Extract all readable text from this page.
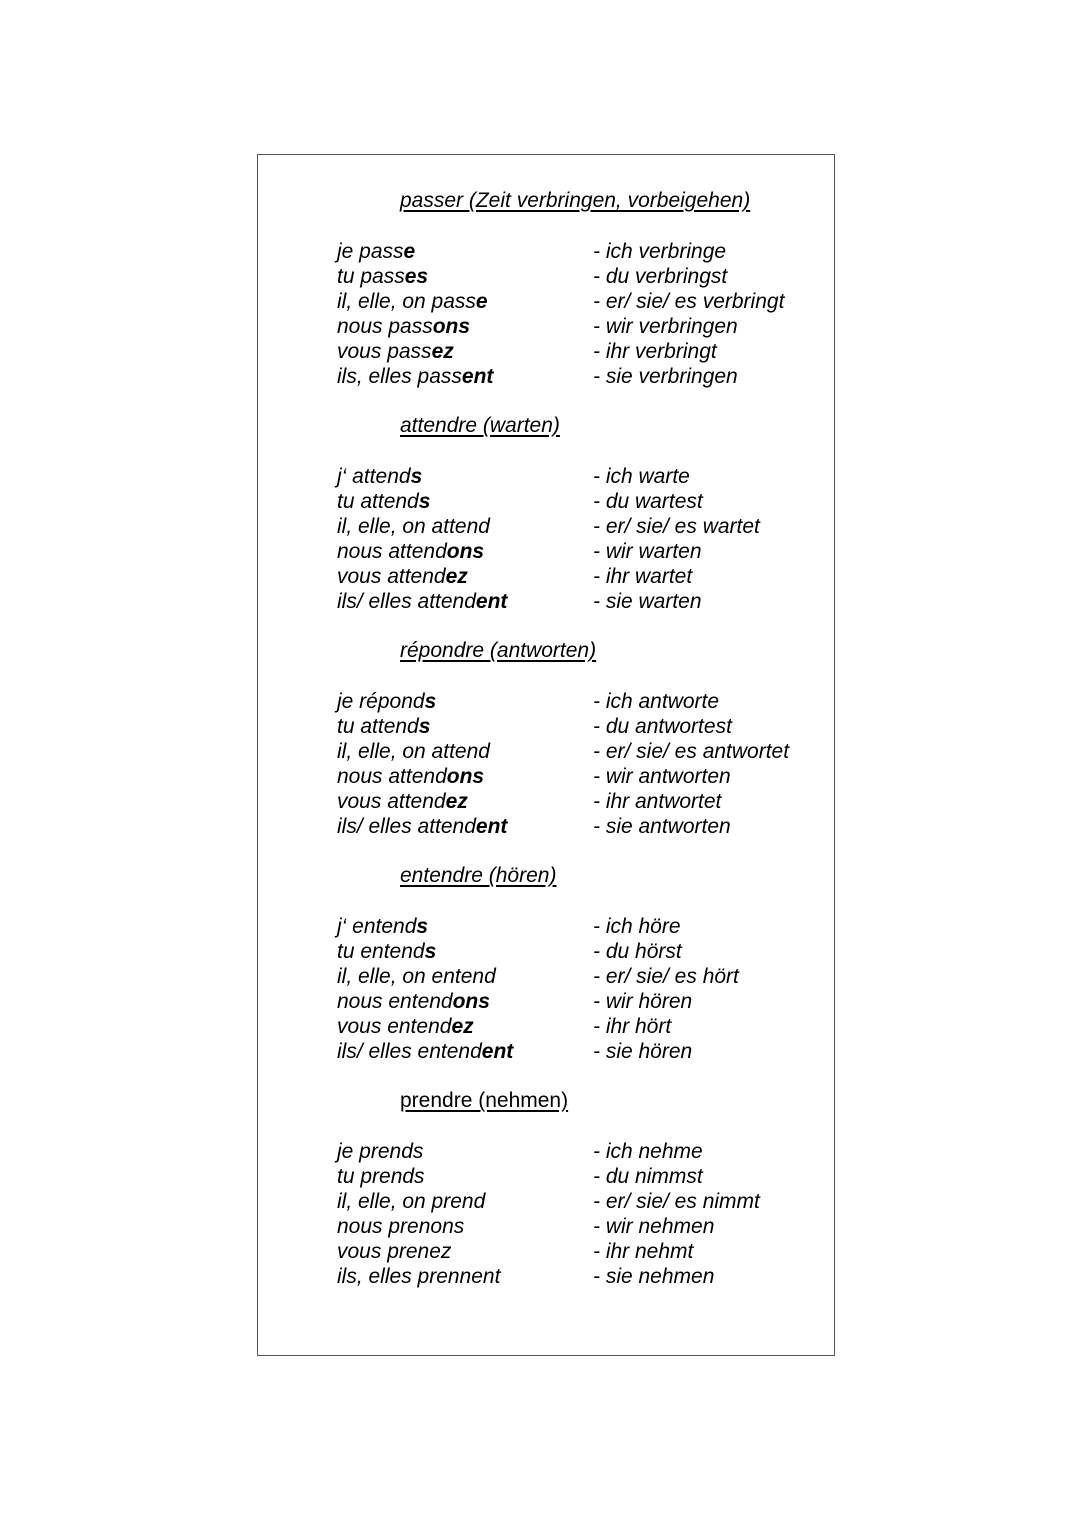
passer (Zeit verbringen, vorbeigehen)
je passe
tu passes
il, elle, on passe
nous passons
vous passez
ils, elles passent
- ich verbringe
- du verbringst
- er/ sie/ es verbringt
- wir verbringen
- ihr verbringt
- sie verbringen
attendre (warten)
j‘ attends
tu attends
il, elle, on attend
nous attendons
vous attendez
ils/ elles attendent
- ich warte
- du wartest
- er/ sie/ es wartet
- wir warten
- ihr wartet
- sie warten
répondre (antworten)
je réponds
tu attends
il, elle, on attend
nous attendons
vous attendez
ils/ elles attendent
- ich antworte
- du antwortest
- er/ sie/ es antwortet
- wir antworten
- ihr antwortet
- sie antworten
entendre (hören)
j‘ entends
tu entends
il, elle, on entend
nous entendons
vous entendez
ils/ elles entendent
- ich höre
- du hörst
- er/ sie/ es hört
- wir hören
- ihr hört
- sie hören
prendre (nehmen)
je prends
tu prends
il, elle, on prend
nous prenons
vous prenez
ils, elles prennent
- ich nehme
- du nimmst
- er/ sie/ es nimmt
- wir nehmen
- ihr nehmt
- sie nehmen
